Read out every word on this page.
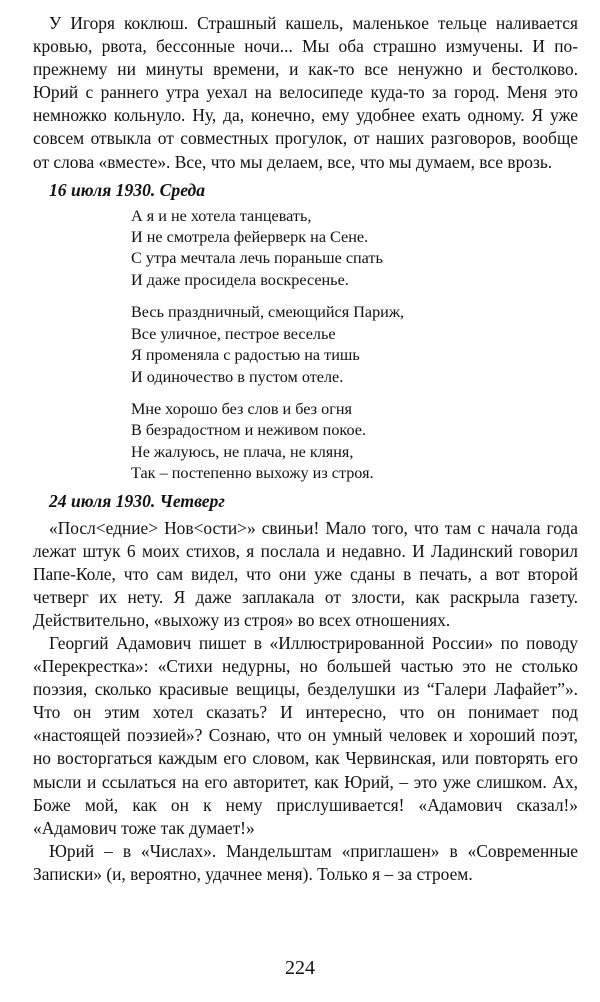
У Игоря коклюш. Страшный кашель, маленькое тельце наливается кровью, рвота, бессонные ночи... Мы оба страшно измучены. И по-прежнему ни минуты времени, и как-то все ненужно и бестолково. Юрий с раннего утра уехал на велосипеде куда-то за город. Меня это немножко кольнуло. Ну, да, конечно, ему удобнее ехать одному. Я уже совсем отвыкла от совместных прогулок, от наших разговоров, вообще от слова «вместе». Все, что мы делаем, все, что мы думаем, все врозь.

16 июля 1930. Среда
А я и не хотела танцевать,
И не смотрела фейерверк на Сене.
С утра мечтала лечь пораньше спать
И даже просидела воскресенье.
Весь праздничный, смеющийся Париж,
Все уличное, пестрое веселье
Я променяла с радостью на тишь
И одиночество в пустом отеле.
Мне хорошо без слов и без огня
В безрадостном и неживом покое.
Не жалуюсь, не плача, не кляня,
Так – постепенно выхожу из строя.
24 июля 1930. Четверг

«Посл<едние> Нов<ости>» свиньи! Мало того, что там с начала года лежат штук 6 моих стихов, я послала и недавно. И Ладинский говорил Папе-Коле, что сам видел, что они уже сданы в печать, а вот второй четверг их нету. Я даже заплакала от злости, как раскрыла газету. Действительно, «выхожу из строя» во всех отношениях.

Георгий Адамович пишет в «Иллюстрированной России» по поводу «Перекрестка»: «Стихи недурны, но большей частью это не столько поэзия, сколько красивые вещицы, безделушки из “Галери Лафайет”». Что он этим хотел сказать? И интересно, что он понимает под «настоящей поэзией»? Сознаю, что он умный человек и хороший поэт, но восторгаться каждым его словом, как Червинская, или повторять его мысли и ссылаться на его авторитет, как Юрий, – это уже слишком. Ах, Боже мой, как он к нему прислушивается! «Адамович сказал!» «Адамович тоже так думает!»

Юрий – в «Числах». Мандельштам «приглашен» в «Современные Записки» (и, вероятно, удачнее меня). Только я – за строем.

224
